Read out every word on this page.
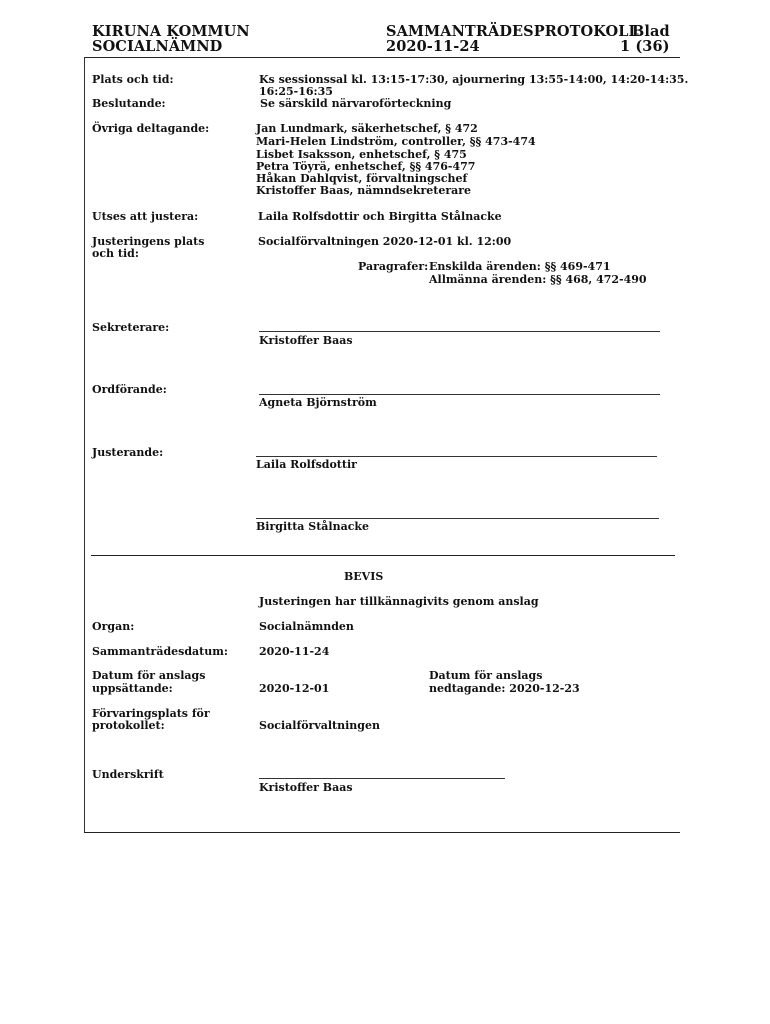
KIRUNA KOMMUN
SOCIALNÄMND
SAMMANTRÄDESPROTOKOLL
Blad
2020-11-24	1 (36)
Plats och tid:	Ks sessionssal kl. 13:15-17:30, ajournering 13:55-14:00, 14:20-14:35.
16:25-16:35
Beslutande:	Se särskild närvaroförteckning
Övriga deltagande:	Jan Lundmark, säkerhetschef, § 472
Mari-Helen Lindström, controller, §§ 473-474
Lisbet Isaksson, enhetschef, § 475
Petra Töyrä, enhetschef, §§ 476-477
Håkan Dahlqvist, förvaltningschef
Kristoffer Baas, nämndsekreterare
Utses att justera:	Laila Rolfsdottir och Birgitta Stålnacke
Justeringens plats
och tid:
Socialförvaltningen 2020-12-01 kl. 12:00
Paragrafer: Enskilda ärenden: §§ 469-471
Allmänna ärenden: §§ 468, 472-490
Sekreterare:
Kristoffer Baas
Ordförande:
Agneta Björnström
Justerande:
Laila Rolfsdottir
Birgitta Stålnacke
BEVIS
Justeringen har tillkännagivits genom anslag
Organ:	Socialnämnden
Sammanträdesdatum:	2020-11-24
Datum för anslags
uppsättande:	2020-12-01
Datum för anslags
nedtagande: 2020-12-23
Förvaringsplats för
protokollet:	Socialförvaltningen
Underskrift
Kristoffer Baas
